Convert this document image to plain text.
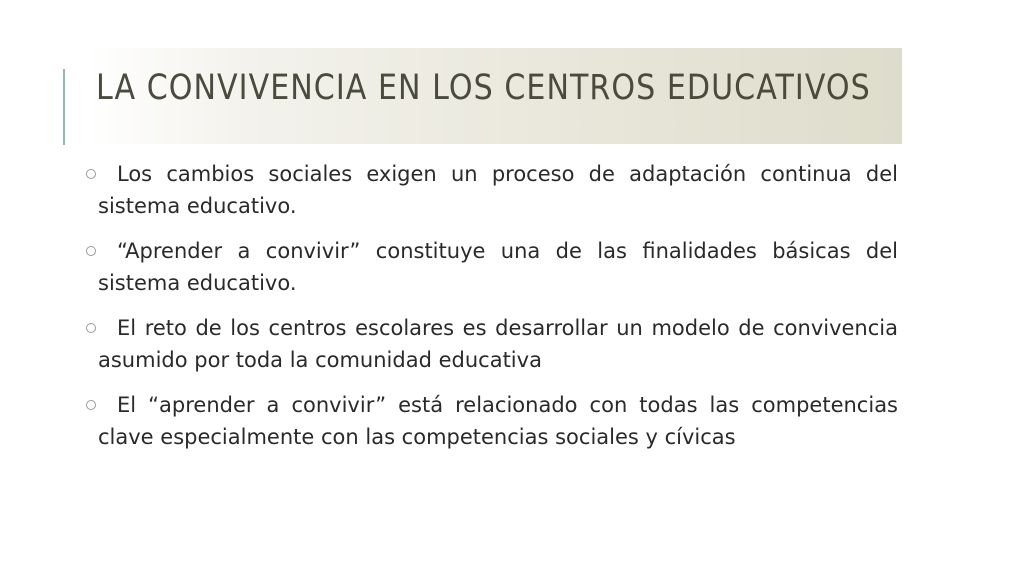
LA CONVIVENCIA EN LOS CENTROS EDUCATIVOS
Los cambios sociales exigen un proceso de adaptación continua del sistema educativo.
“Aprender a convivir” constituye una de las finalidades básicas del sistema educativo.
El reto de los centros escolares es desarrollar un modelo de convivencia asumido por toda la comunidad educativa
El “aprender a convivir” está relacionado con todas las competencias clave especialmente con las competencias sociales y cívicas
